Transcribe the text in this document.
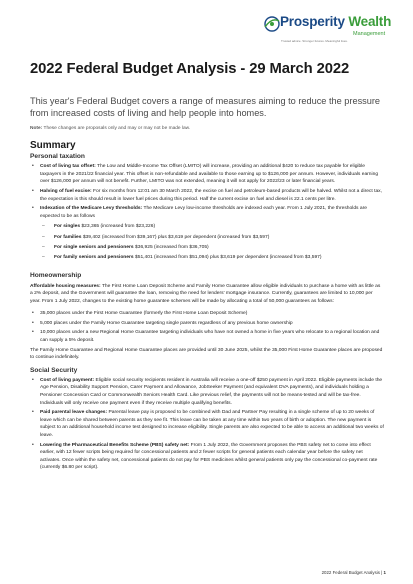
Prosperity Wealth
Management
Trusted advice. Stronger futures. Meaningful lives.
2022 Federal Budget Analysis - 29 March 2022

This year's Federal Budget covers a range of measures aiming to reduce the pressure from increased costs of living and help people into homes.

Note: These changes are proposals only and may or may not be made law.

Summary
Personal taxation
• Cost of living tax offset: The Low and Middle-Income Tax Offset (LMITO) will increase, providing an additional $420 to reduce tax payable for eligible taxpayers in the 2021/22 financial year. This offset is non-refundable and available to those earning up to $126,000 per annum. However, individuals earning over $126,000 per annum will not benefit. Further, LMITO was not extended, meaning it will not apply for 2022/23 or later financial years.
• Halving of fuel excise: For six months from 12:01 am 30 March 2022, the excise on fuel and petroleum-based products will be halved. Whilst not a direct tax, the expectation is this should result in lower fuel prices during this period. Half the current excise on fuel and diesel is 22.1 cents per litre.
• Indexation of the Medicare Levy thresholds: The Medicare Levy low-income thresholds are indexed each year. From 1 July 2021, the thresholds are expected to be as follows
– For singles $23,365 (increased from $23,226)
– For families $39,402 (increased from $39,167) plus $3,619 per dependent (increased from $3,597)
– For single seniors and pensioners $36,925 (increased from $36,705)
– For family seniors and pensioners $51,401 (increased from $51,094) plus $3,619 per dependent (increased from $3,597)
Homeownership

Affordable housing measures: The First Home Loan Deposit Scheme and Family Home Guarantee allow eligible individuals to purchase a home with as little as a 2% deposit, and the Government will guarantee the loan, removing the need for lenders' mortgage insurance. Currently, guarantees are limited to 10,000 per year. From 1 July 2022, changes to the existing home guarantee schemes will be made by allocating a total of 50,000 guarantees as follows:

• 35,000 places under the First Home Guarantee (formerly the First Home Loan Deposit Scheme)
• 5,000 places under the Family Home Guarantee targeting single parents regardless of any previous home ownership
• 10,000 places under a new Regional Home Guarantee targeting individuals who have not owned a home in five years who relocate to a regional location and can supply a 5% deposit.

The Family Home Guarantee and Regional Home Guarantee places are provided until 30 June 2025, whilst the 35,000 First Home Guarantee places are proposed to continue indefinitely.

Social Security
• Cost of living payment: Eligible social security recipients resident in Australia will receive a one-off $250 payment in April 2022. Eligible payments include the Age Pension, Disability Support Pension, Carer Payment and Allowance, JobSeeker Payment (and equivalent DVA payments), and individuals holding a Pensioner Concession Card or Commonwealth Seniors Health Card. Like previous relief, the payments will not be means-tested and will be tax-free. Individuals will only receive one payment even if they receive multiple qualifying benefits.
• Paid parental leave changes: Parental leave pay is proposed to be combined with Dad and Partner Pay resulting in a single scheme of up to 20 weeks of leave which can be shared between parents as they see fit. This leave can be taken at any time within two years of birth or adoption. The new payment is subject to an additional household income test designed to increase eligibility. Single parents are also expected to be able to access an additional two weeks of leave.
• Lowering the Pharmaceutical Benefits Scheme (PBS) safety net: From 1 July 2022, the Government proposes the PBS safety net to come into effect earlier, with 12 fewer scripts being required for concessional patients and 2 fewer scripts for general patients each calendar year before the safety net activates. Once within the safety net, concessional patients do not pay for PBS medicines whilst general patients only pay the concessional co-payment rate (currently $6.80 per script).
2022 Federal Budget Analysis | 1
